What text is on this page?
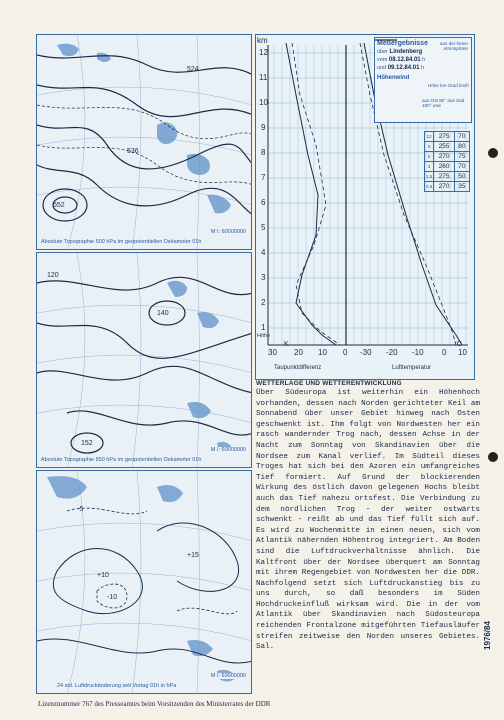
552
524
536
Absolute Topographie 500 hPa im geopotentiellen Dekameter 01h
M I: 60000000
120
140
152
Absolute Topographie 850 hPa im geopotentiellen Dekameter 01h
M I: 60000000
+10
+15
-5
-10
24 std. Luftdruckänderung seit Vortag 01h in hPa
M I: 60000000
km
12
11
10
9
8
7
6
5
4
3
2
1
Höhe
Meßergebnisse	aus der freien Atmosphäre
über Lindenberg
vom 08.12.84.01 h
und 09.12.84.01 h
Höhenwind
aus Ost 90° aus Süd 180° usw
Höhe km Grad km/h
12	275	70
9	255	80
5	270	75
3	260	70
1.5	275	50
0.5	270	35
30 20 10 0
K
-30 -20 -10 0 10
°C
Taupunktdifferenz	Lufttemperatur
WETTERLAGE UND WETTERENTWICKLUNG
Über Südeuropa ist weiterhin ein Höhenhoch vorhanden, dessen nach Norden gerichteter Keil am Sonnabend über unser Gebiet hinweg nach Osten geschwenkt ist. Ihm folgt von Nordwesten her ein rasch wandernder Trog nach, dessen Achse in der Nacht zum Sonntag von Skandinavien über die Nordsee zum Kanal verlief. Im Südteil dieses Troges hat sich bei den Azoren ein umfangreiches Tief formiert. Auf Grund der blockierenden Wirkung des östlich davon gelegenen Hochs bleibt auch das Tief nahezu ortsfest. Die Verbindung zu dem nördlichen Trog - der weiter ostwärts schwenkt - reißt ab und das Tief füllt sich auf. Es wird zu Wochenmitte in einen neuen, sich vom Atlantik nähernden Höhentrog integriert. Am Boden sind die Luftdruckverhältnisse ähnlich. Die Kaltfront über der Nordsee überquert am Sonntag mit ihrem Regengebiet von Nordwesten her die DDR. Nachfolgend setzt sich Luftdruckanstieg bis zu uns durch, so daß besonders im Süden Hochdruckeinfluß wirksam wird. Die in der vom Atlantik über Skandinavien nach Südosteuropa reichenden Frontalzone mitgeführten Tiefausläufer streifen zeitweise den Norden unseres Gebietes. Sal.	1976/84
Lizenznummer 767 des Presseamtes beim Vorsitzenden des Ministerrates der DDR
